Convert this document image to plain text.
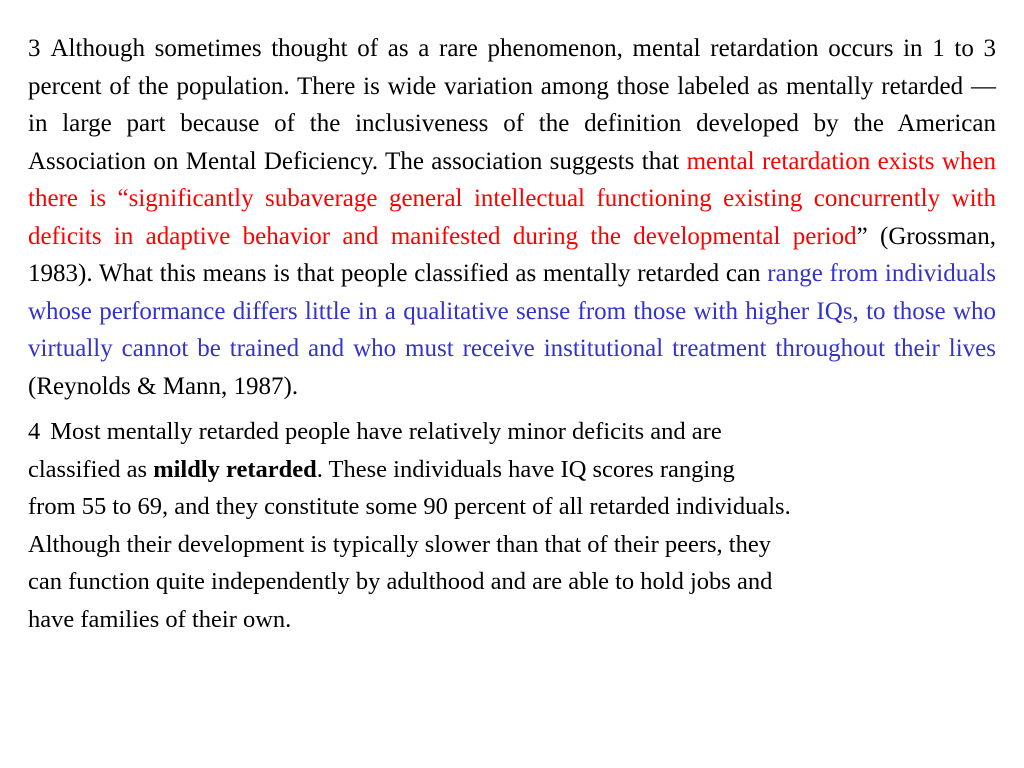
3 Although sometimes thought of as a rare phenomenon, mental retardation occurs in 1 to 3 percent of the population. There is wide variation among those labeled as mentally retarded — in large part because of the inclusiveness of the definition developed by the American Association on Mental Deficiency. The association suggests that mental retardation exists when there is “significantly subaverage general intellectual functioning existing concurrently with deficits in adaptive behavior and manifested during the developmental period” (Grossman, 1983). What this means is that people classified as mentally retarded can range from individuals whose performance differs little in a qualitative sense from those with higher IQs, to those who virtually cannot be trained and who must receive institutional treatment throughout their lives (Reynolds & Mann, 1987).

4 Most mentally retarded people have relatively minor deficits and are
classified as mildly retarded. These individuals have IQ scores ranging
from 55 to 69, and they constitute some 90 percent of all retarded individuals.
Although their development is typically slower than that of their peers, they
can function quite independently by adulthood and are able to hold jobs and
have families of their own.
